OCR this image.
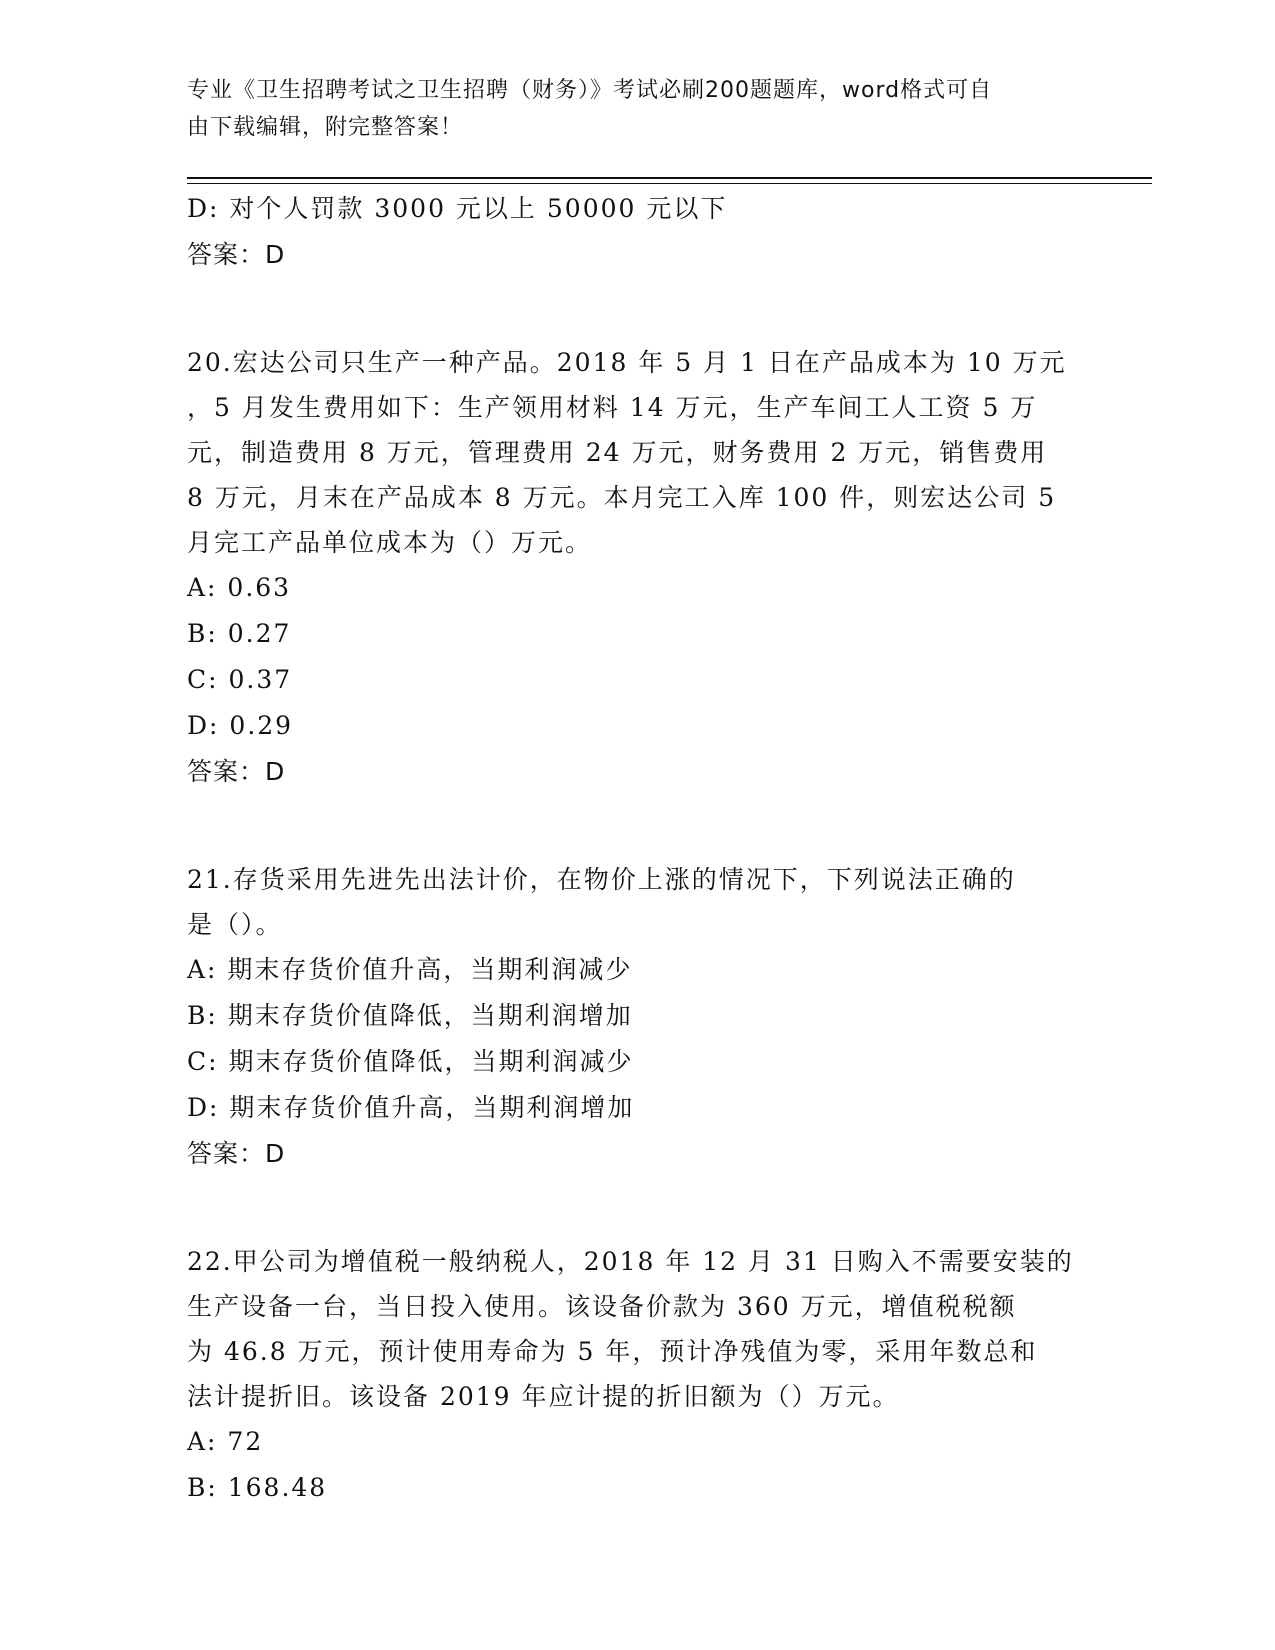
专业《卫生招聘考试之卫生招聘（财务）》考试必刷200题题库，word格式可自
由下载编辑，附完整答案！
D: 对个人罚款 3000 元以上 50000 元以下
答案：D
20.宏达公司只生产一种产品。2018 年 5 月 1 日在产品成本为 10 万元
，5 月发生费用如下：生产领用材料 14 万元，生产车间工人工资 5 万
元，制造费用 8 万元，管理费用 24 万元，财务费用 2 万元，销售费用
8 万元，月末在产品成本 8 万元。本月完工入库 100 件，则宏达公司 5
月完工产品单位成本为（）万元。
A: 0.63
B: 0.27
C: 0.37
D: 0.29
答案：D
21.存货采用先进先出法计价，在物价上涨的情况下，下列说法正确的
是（）。
A: 期末存货价值升高，当期利润减少
B: 期末存货价值降低，当期利润增加
C: 期末存货价值降低，当期利润减少
D: 期末存货价值升高，当期利润增加
答案：D
22.甲公司为增值税一般纳税人，2018 年 12 月 31 日购入不需要安装的
生产设备一台，当日投入使用。该设备价款为 360 万元，增值税税额
为 46.8 万元，预计使用寿命为 5 年，预计净残值为零，采用年数总和
法计提折旧。该设备 2019 年应计提的折旧额为（）万元。
A: 72
B: 168.48
